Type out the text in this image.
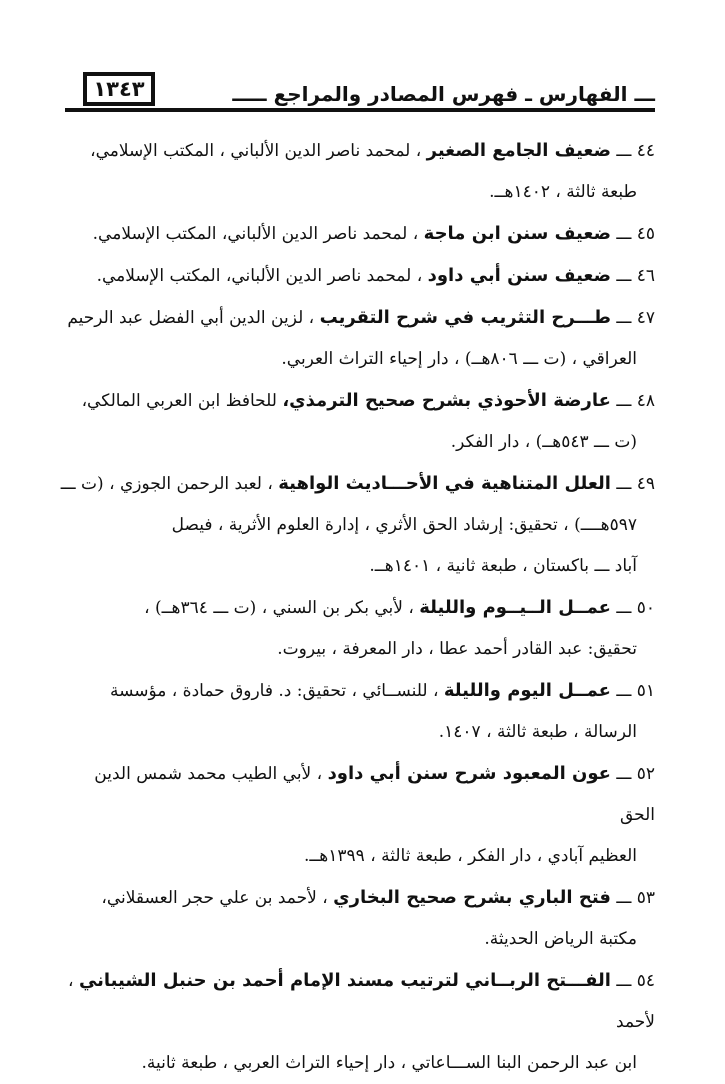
١٣٤٣	ـــ الفهارس ـ فهرس المصادر والمراجع ـــــ

٤٤ ـــ ضعيف الجامع الصغير ، لمحمد ناصر الدين الألباني ، المكتب الإسلامي،
طبعة ثالثة ، ١٤٠٢هــ.

٤٥ ـــ ضعيف سنن ابن ماجة ، لمحمد ناصر الدين الألباني، المكتب الإسلامي.

٤٦ ـــ ضعيف سنن أبي داود ، لمحمد ناصر الدين الألباني، المكتب الإسلامي.

٤٧ ـــ طـــرح التثريب في شرح التقريب ، لزين الدين أبي الفضل عبد الرحيم
العراقي ، (ت ـــ ٨٠٦هــ) ، دار إحياء التراث العربي.

٤٨ ـــ عارضة الأحوذي بشرح صحيح الترمذي، للحافظ ابن العربي المالكي،
(ت ـــ ٥٤٣هــ) ، دار الفكر.

٤٩ ـــ العلل المتناهية في الأحـــاديث الواهية ، لعبد الرحمن الجوزي ، (ت ـــ
٥٩٧هــــ) ، تحقيق: إرشاد الحق الأثري ، إدارة العلوم الأثرية ، فيصل
آباد ـــ باكستان ، طبعة ثانية ، ١٤٠١هــ.

٥٠ ـــ عمــل الــيــوم والليلة ، لأبي بكر بن السني ، (ت ـــ ٣٦٤هــ) ،
تحقيق: عبد القادر أحمد عطا ، دار المعرفة ، بيروت.

٥١ ـــ عمــل اليوم والليلة ، للنســائي ، تحقيق: د. فاروق حمادة ، مؤسسة
الرسالة ، طبعة ثالثة ، ١٤٠٧.

٥٢ ـــ عون المعبود شرح سنن أبي داود ، لأبي الطيب محمد شمس الدين الحق
العظيم آبادي ، دار الفكر ، طبعة ثالثة ، ١٣٩٩هــ.

٥٣ ـــ فتح الباري بشرح صحيح البخاري ، لأحمد بن علي حجر العسقلاني،
مكتبة الرياض الحديثة.

٥٤ ـــ الفـــتح الربــاني لترتيب مسند الإمام أحمد بن حنبل الشيباني ، لأحمد
ابن عبد الرحمن البنا الســـاعاتي ، دار إحياء التراث العربي ، طبعة ثانية.
